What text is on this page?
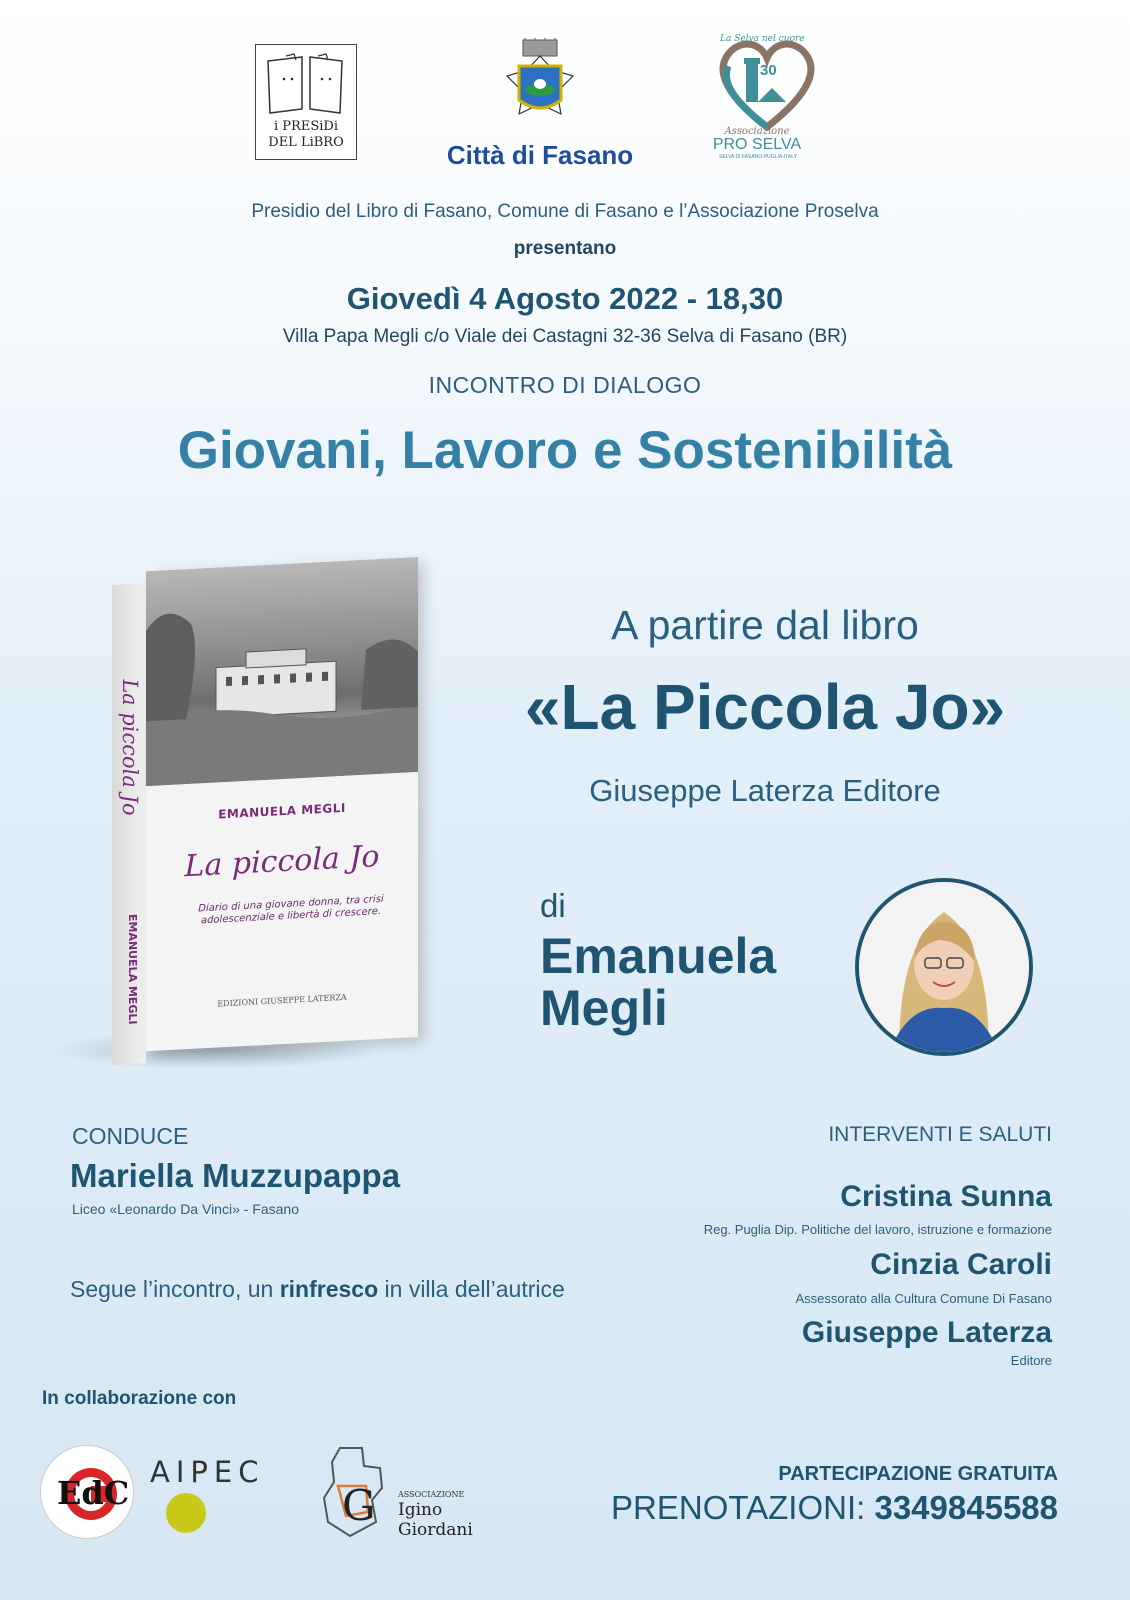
i PRESiDi
DEL LiBRO	Città di Fasano
La Selva nel cuore
30
Associazione
PRO SELVA
SELVA DI FASANO-PUGLIA-ITALY
Presidio del Libro di Fasano, Comune di Fasano e l’Associazione Proselva
presentano
Giovedì 4 Agosto 2022 - 18,30
Villa Papa Megli c/o Viale dei Castagni 32-36 Selva di Fasano (BR)
INCONTRO DI DIALOGO
Giovani, Lavoro e Sostenibilità
La piccola Jo
EMANUELA MEGLI
EMANUELA MEGLI
La piccola Jo
Diario di una giovane donna, tra crisi adolescenziale e libertà di crescere.
EDIZIONI GIUSEPPE LATERZA
A partire dal libro
«La Piccola Jo»
Giuseppe Laterza Editore
di
Emanuela
Megli
CONDUCE
Mariella Muzzupappa
Liceo «Leonardo Da Vinci» - Fasano
Segue l’incontro, un rinfresco in villa dell’autrice
INTERVENTI E SALUTI
Cristina Sunna
Reg. Puglia Dip. Politiche del lavoro, istruzione e formazione
Cinzia Caroli
Assessorato alla Cultura Comune Di Fasano
Giuseppe Laterza
Editore
In collaborazione con
EdC
AIPEC
G	ASSOCIAZIONE
Igino Giordani
PARTECIPAZIONE GRATUITA
PRENOTAZIONI: 3349845588
